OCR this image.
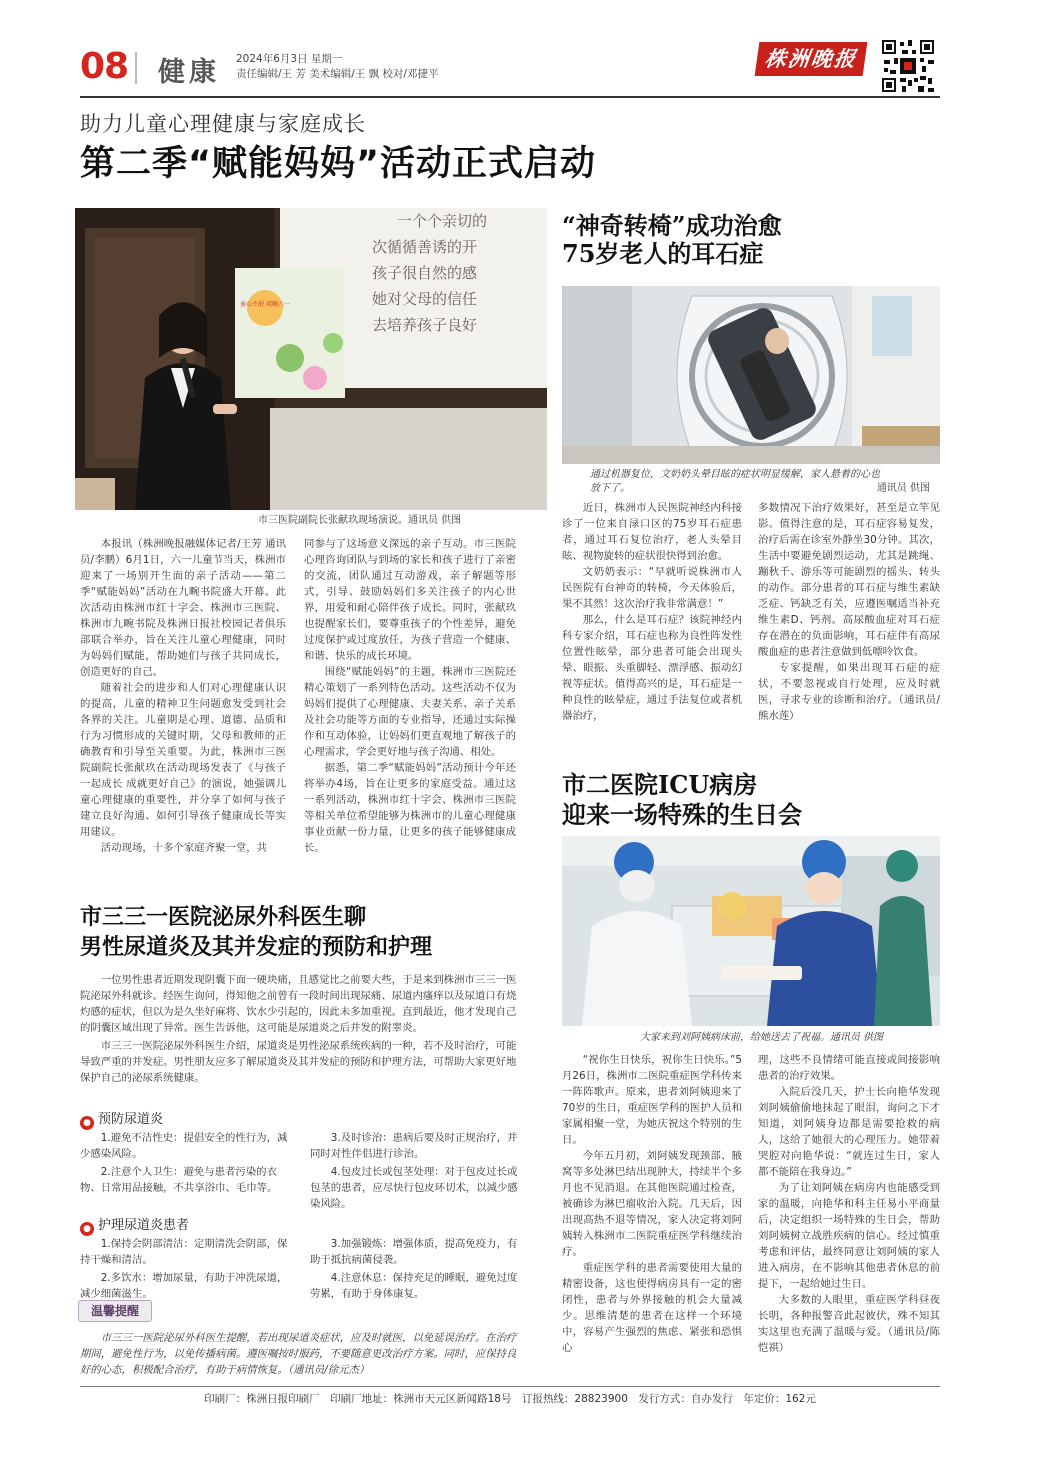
08 健康 2024年6月3日 星期一
责任编辑/王 芳 美术编辑/王 飘 校对/邓捷平
株洲晚报
助力儿童心理健康与家庭成长
第二季“赋能妈妈”活动正式启动
童心不泯 双嗨六一
一个个亲切的
次循循善诱的开
孩子很自然的感
她对父母的信任
去培养孩子良好
市三医院副院长张献玖现场演说。通讯员 供图

本报讯（株洲晚报融媒体记者/王芳 通讯员/李鹏）6月1日，六一儿童节当天，株洲市迎来了一场别开生面的亲子活动——第二季“赋能妈妈”活动在九畹书院盛大开幕。此次活动由株洲市红十字会、株洲市三医院、株洲市九畹书院及株洲日报社校园记者俱乐部联合举办，旨在关注儿童心理健康，同时为妈妈们赋能，帮助她们与孩子共同成长，创造更好的自己。

随着社会的进步和人们对心理健康认识的提高，儿童的精神卫生问题愈发受到社会各界的关注。儿童期是心理、道德、品质和行为习惯形成的关键时期，父母和教师的正确教育和引导至关重要。为此，株洲市三医院副院长张献玖在活动现场发表了《与孩子一起成长 成就更好自己》的演说，她强调儿童心理健康的重要性，并分享了如何与孩子建立良好沟通、如何引导孩子健康成长等实用建议。

活动现场，十多个家庭齐聚一堂，共

同参与了这场意义深远的亲子互动。市三医院心理咨询团队与到场的家长和孩子进行了亲密的交流，团队通过互动游戏，亲子解题等形式，引导、鼓励妈妈们多关注孩子的内心世界，用爱和耐心陪伴孩子成长。同时，张献玖也提醒家长们，要尊重孩子的个性差异，避免过度保护或过度放任，为孩子营造一个健康、和谐、快乐的成长环境。

围绕“赋能妈妈”的主题，株洲市三医院还精心策划了一系列特色活动。这些活动不仅为妈妈们提供了心理健康、夫妻关系、亲子关系及社会功能等方面的专业指导，还通过实际操作和互动体验，让妈妈们更直观地了解孩子的心理需求，学会更好地与孩子沟通、相处。

据悉，第二季“赋能妈妈”活动预计今年还将举办4场，旨在让更多的家庭受益。通过这一系列活动，株洲市红十字会、株洲市三医院等相关单位希望能够为株洲市的儿童心理健康事业贡献一份力量，让更多的孩子能够健康成长。

“神奇转椅”成功治愈
75岁老人的耳石症
通过机器复位，文奶奶头晕目眩的症状明显缓解，家人悬着的心也
放下了。	通讯员 供图

近日，株洲市人民医院神经内科接诊了一位来自渌口区的75岁耳石症患者，通过耳石复位治疗，老人头晕目眩、视物旋转的症状很快得到治愈。

文奶奶表示：“早就听说株洲市人民医院有台神奇的转椅，今天体验后，果不其然！这次治疗我非常满意！”

那么，什么是耳石症？该院神经内科专家介绍，耳石症也称为良性阵发性位置性眩晕，部分患者可能会出现头晕、眼振、头重脚轻、漂浮感、振动幻视等症状。值得高兴的是，耳石症是一种良性的眩晕症，通过手法复位或者机器治疗，

多数情况下治疗效果好，甚至是立竿见影。值得注意的是，耳石症容易复发，治疗后需在诊室外静坐30分钟。其次，生活中要避免剧烈运动，尤其是跳绳、蹦秋千、游乐等可能剧烈的摇头、转头的动作。部分患者的耳石症与维生素缺乏症、钙缺乏有关，应遵医嘱适当补充维生素D、钙剂。高尿酸血症对耳石症存在潜在的负面影响，耳石症伴有高尿酸血症的患者注意做到低嘌呤饮食。

专家提醒，如果出现耳石症的症状，不要忽视或自行处理，应及时就医，寻求专业的诊断和治疗。（通讯员/熊水莲）

市二医院ICU病房
迎来一场特殊的生日会
大家来到刘阿姨病床前，给她送去了祝福。通讯员 供图

“祝你生日快乐，祝你生日快乐。”5月26日，株洲市二医院重症医学科传来一阵阵歌声。原来，患者刘阿姨迎来了70岁的生日，重症医学科的医护人员和家属相聚一堂，为她庆祝这个特别的生日。

今年五月初，刘阿姨发现颈部、腋窝等多处淋巴结出现肿大，持续半个多月也不见消退。在其他医院通过检查，被确诊为淋巴瘤收治入院。几天后，因出现高热不退等情况，家人决定将刘阿姨转入株洲市二医院重症医学科继续治疗。

重症医学科的患者需要使用大量的精密设备，这也使得病房具有一定的密闭性，患者与外界接触的机会大量减少。思维清楚的患者在这样一个环境中，容易产生强烈的焦虑、紧张和恐惧心

理，这些不良情绪可能直接或间接影响患者的治疗效果。

入院后没几天，护士长向艳华发现刘阿姨偷偷地抹起了眼泪，询问之下才知道，刘阿姨身边都是需要抢救的病人，这给了她很大的心理压力。她带着哭腔对向艳华说：“就连过生日，家人都不能陪在我身边。”

为了让刘阿姨在病房内也能感受到家的温暖，向艳华和科主任易小平商量后，决定组织一场特殊的生日会，帮助刘阿姨树立战胜疾病的信心。经过慎重考虑和评估，最终同意让刘阿姨的家人进入病房，在不影响其他患者休息的前提下，一起给她过生日。

大多数的人眼里，重症医学科昼夜长明，各种报警音此起彼伏，殊不知其实这里也充满了温暖与爱。（通讯员/陈恺祺）

市三三一医院泌尿外科医生聊
男性尿道炎及其并发症的预防和护理

一位男性患者近期发现阴囊下面一硬块痛，且感觉比之前要大些，于是来到株洲市三三一医院泌尿外科就诊。经医生询问，得知他之前曾有一段时间出现尿痛、尿道内瘙痒以及尿道口有烧灼感的症状，但以为是久坐好麻将、饮水少引起的，因此未多加重视。直到最近，他才发现自己的阴囊区域出现了异常。医生告诉他，这可能是尿道炎之后并发的附睾炎。

市三三一医院泌尿外科医生介绍，尿道炎是男性泌尿系统疾病的一种，若不及时治疗，可能导致严重的并发症。男性朋友应多了解尿道炎及其并发症的预防和护理方法，可帮助大家更好地保护自己的泌尿系统健康。

● 预防尿道炎

1.避免不洁性史：提倡安全的性行为，减少感染风险。

2.注意个人卫生：避免与患者污染的衣物、日常用品接触，不共享浴巾、毛巾等。

3.及时诊治：患病后要及时正规治疗，并同时对性伴侣进行诊治。

4.包皮过长或包茎处理：对于包皮过长或包茎的患者，应尽快行包皮环切术，以减少感染风险。

● 护理尿道炎患者

1.保持会阴部清洁：定期清洗会阴部，保持干燥和清洁。

2.多饮水：增加尿量，有助于冲洗尿道，减少细菌滋生。

3.加强锻炼：增强体质，提高免疫力，有助于抵抗病菌侵袭。

4.注意休息：保持充足的睡眠，避免过度劳累，有助于身体康复。

温馨提醒

市三三一医院泌尿外科医生提醒，若出现尿道炎症状，应及时就医，以免延误治疗。在治疗期间，避免性行为，以免传播病菌。遵医嘱按时服药，不要随意更改治疗方案。同时，应保持良好的心态，积极配合治疗，有助于病情恢复。（通讯员/徐元杰）

印刷厂：株洲日报印刷厂　印刷厂地址：株洲市天元区新闻路18号　订报热线：28823900　发行方式：自办发行　年定价：162元
